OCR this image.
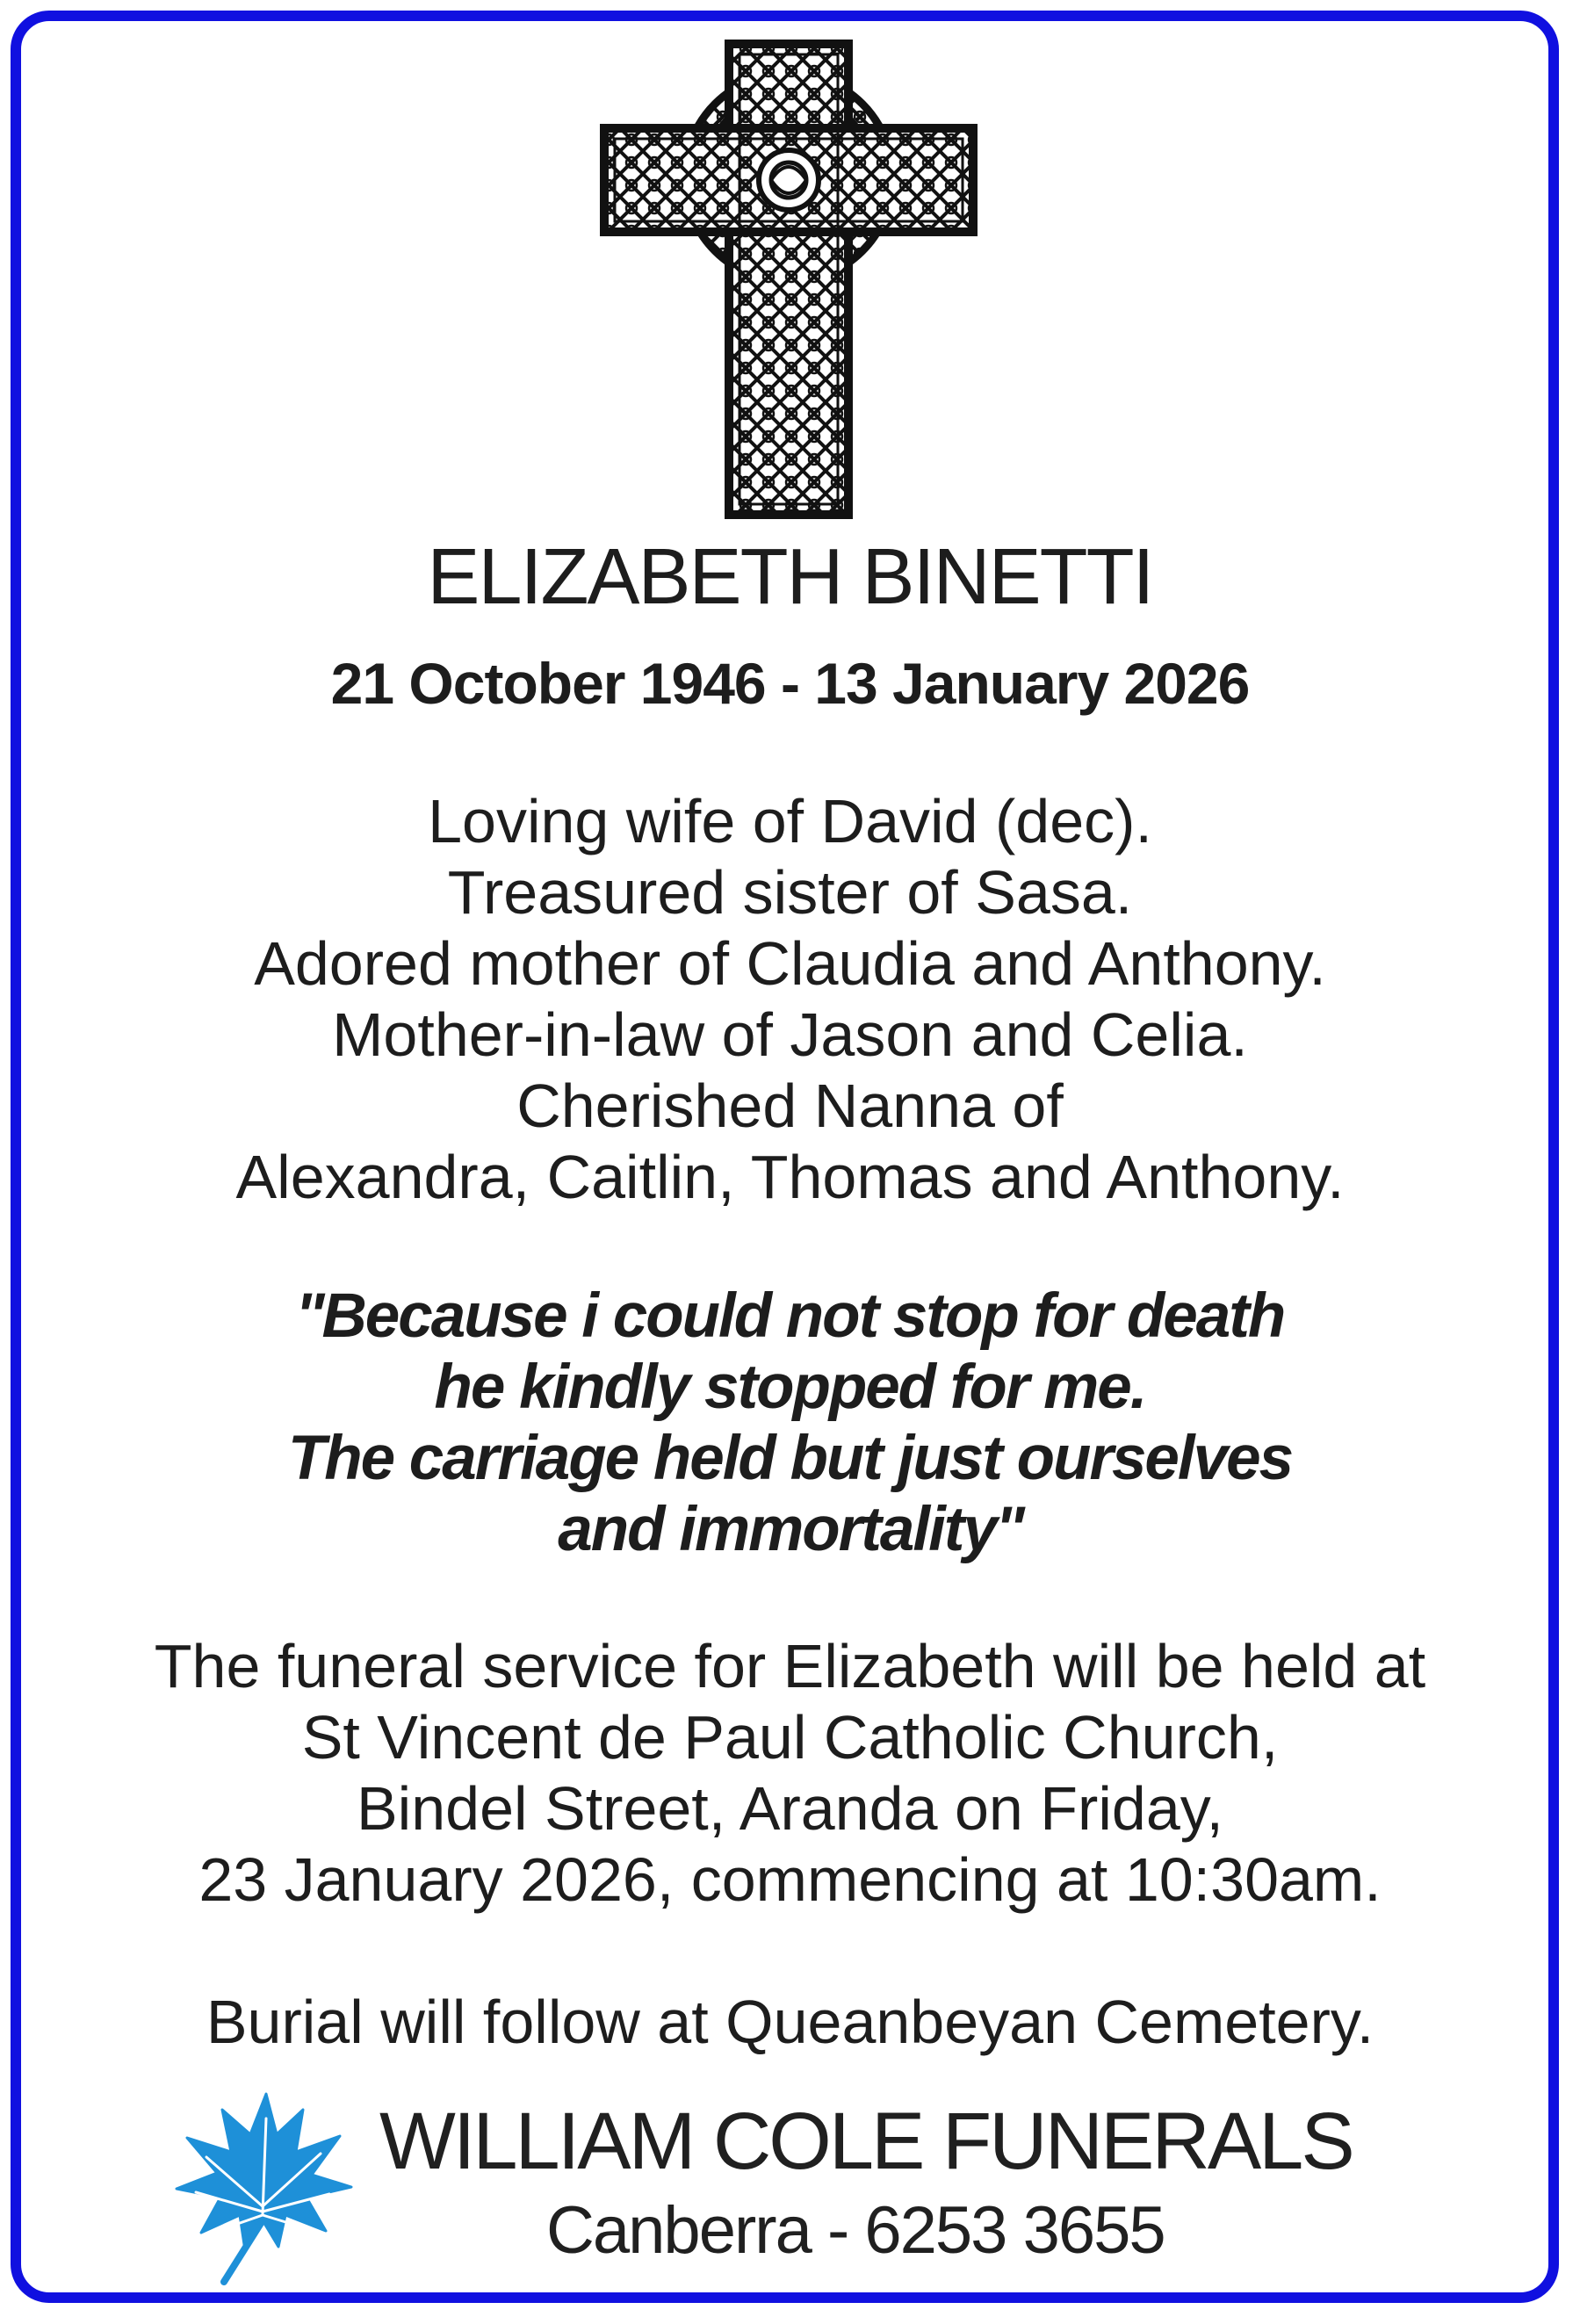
ELIZABETH BINETTI
21 October 1946 - 13 January 2026
Loving wife of David (dec).
Treasured sister of Sasa.
Adored mother of Claudia and Anthony.
Mother-in-law of Jason and Celia.
Cherished Nanna of
Alexandra, Caitlin, Thomas and Anthony.
''Because i could not stop for death
he kindly stopped for me.
The carriage held but just ourselves
and immortality''
The funeral service for Elizabeth will be held at
St Vincent de Paul Catholic Church,
Bindel Street, Aranda on Friday,
23 January 2026, commencing at 10:30am.
Burial will follow at Queanbeyan Cemetery.
WILLIAM COLE FUNERALS
Canberra - 6253 3655
